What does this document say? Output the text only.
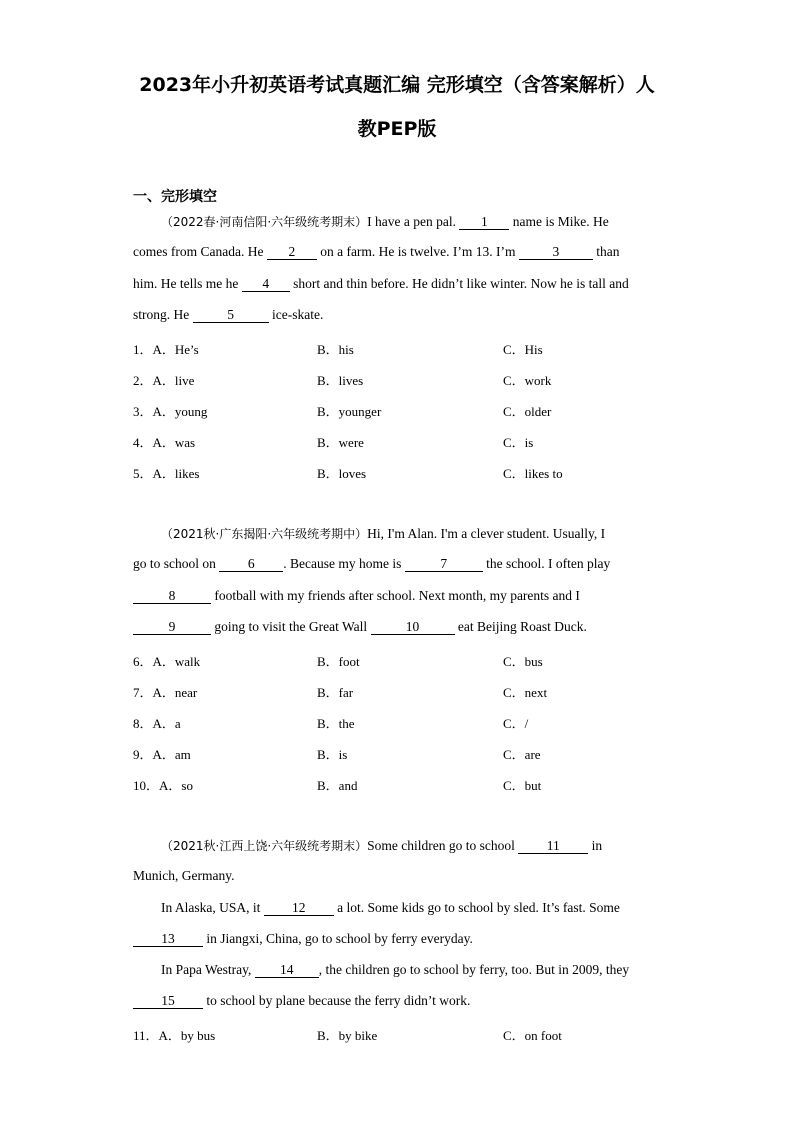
2023年小升初英语考试真题汇编 完形填空（含答案解析）人
教PEP版
一、完形填空
（2022春·河南信阳·六年级统考期末）I have a pen pal. 1 name is Mike. He
comes from Canada. He 2 on a farm. He is twelve. I’m 13. I’m 3 than
him. He tells me he 4 short and thin before. He didn’t like winter. Now he is tall and
strong. He	5	ice-skate.
1．A．He’s	B．his	C．His
2．A．live	B．lives	C．work
3．A．young	B．younger	C．older
4．A．was	B．were	C．is
5．A．likes	B．loves	C．likes to
（2021秋·广东揭阳·六年级统考期中）Hi, I'm Alan. I'm a clever student. Usually, I
go to school on 6 . Because my home is	7	the school. I often play
8	football with my friends after school. Next month, my parents and I
9	going to visit the Great Wall	10	eat Beijing Roast Duck.
6．A．walk	B．foot	C．bus
7．A．near	B．far	C．next
8．A．a	B．the	C．/
9．A．am	B．is	C．are
10．A．so	B．and	C．but
（2021秋·江西上饶·六年级统考期末）Some children go to school 11 in
Munich, Germany.
In Alaska, USA, it 12 a lot. Some kids go to school by sled. It’s fast. Some
13 in Jiangxi, China, go to school by ferry everyday.
In Papa Westray, 14 , the children go to school by ferry, too. But in 2009, they
15 to school by plane because the ferry didn’t work.
11．A．by bus	B．by bike	C．on foot
